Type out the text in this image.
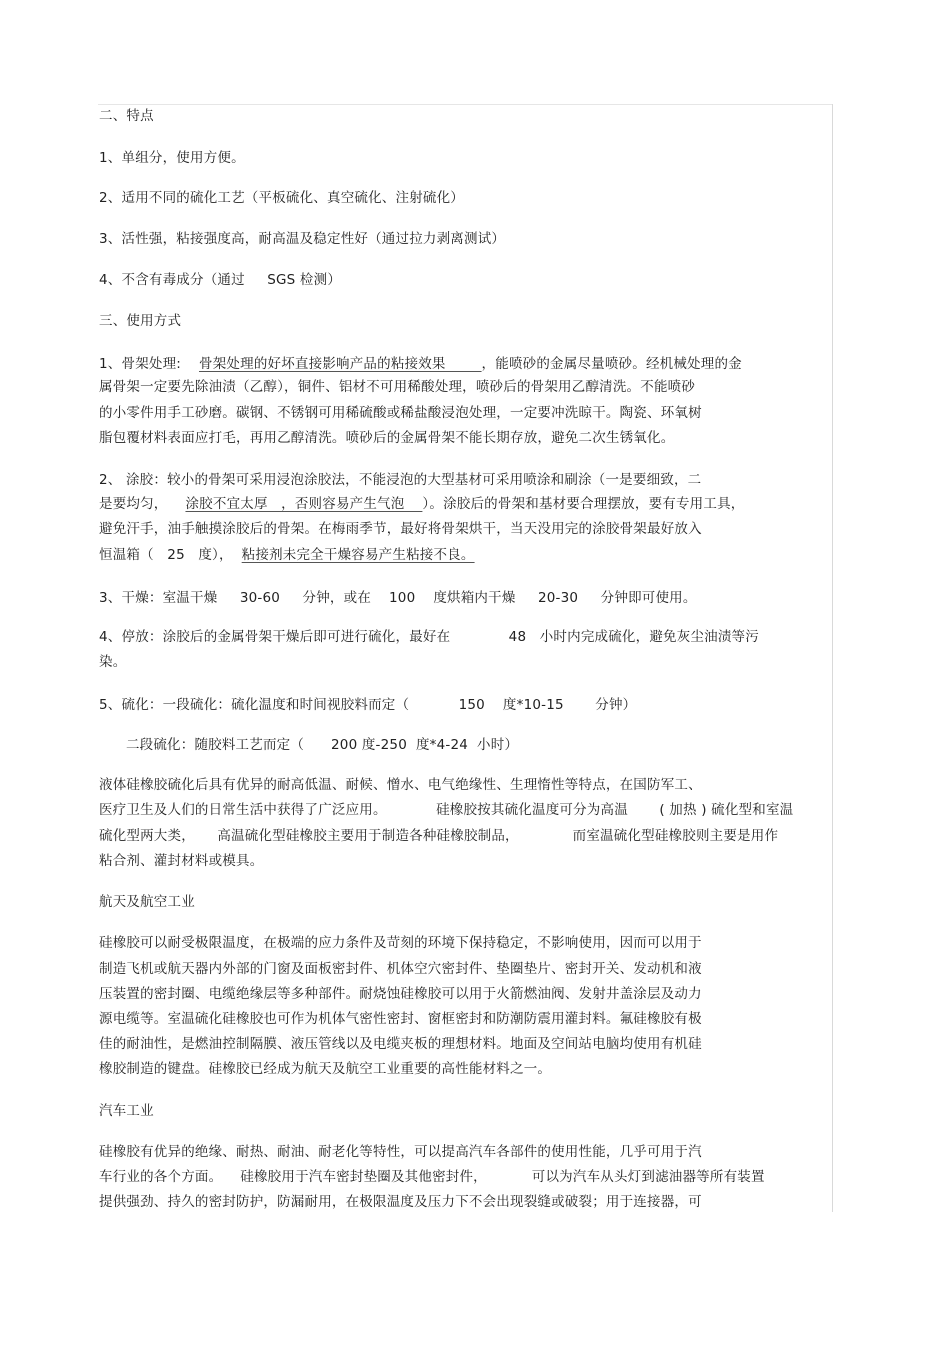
二、特点
1、单组分，使用方便。
2、适用不同的硫化工艺（平板硫化、真空硫化、注射硫化）
3、活性强，粘接强度高，耐高温及稳定性好（通过拉力剥离测试）
4、不含有毒成分（通过     SGS 检测）
三、使用方式
1、骨架处理:    骨架处理的好坏直接影响产品的粘接效果        ，能喷砂的金属尽量喷砂。经机械处理的金
属骨架一定要先除油渍（乙醇），铜件、铝材不可用稀酸处理，喷砂后的骨架用乙醇清洗。不能喷砂
的小零件用手工砂磨。碳钢、不锈钢可用稀硫酸或稀盐酸浸泡处理，一定要冲洗晾干。陶瓷、环氧树
脂包覆材料表面应打毛，再用乙醇清洗。喷砂后的金属骨架不能长期存放，避免二次生锈氧化。
2、 涂胶：较小的骨架可采用浸泡涂胶法，不能浸泡的大型基材可采用喷涂和刷涂（一是要细致，二
是要均匀，    涂胶不宜太厚   ，否则容易产生气泡    ）。涂胶后的骨架和基材要合理摆放，要有专用工具，
避免汗手，油手触摸涂胶后的骨架。在梅雨季节，最好将骨架烘干，当天没用完的涂胶骨架最好放入
恒温箱（   25   度），  粘接剂未完全干燥容易产生粘接不良。
3、干燥：室温干燥     30-60     分钟，或在    100    度烘箱内干燥     20-30     分钟即可使用。
4、停放：涂胶后的金属骨架干燥后即可进行硫化，最好在             48   小时内完成硫化，避免灰尘油渍等污
染。
5、硫化：一段硫化：硫化温度和时间视胶料而定（           150    度*10-15       分钟）
二段硫化：随胶料工艺而定（      200 度-250  度*4-24  小时）
液体硅橡胶硫化后具有优异的耐高低温、耐候、憎水、电气绝缘性、生理惰性等特点，在国防军工、
医疗卫生及人们的日常生活中获得了广泛应用。           硅橡胶按其硫化温度可分为高温       ( 加热 ) 硫化型和室温
硫化型两大类，     高温硫化型硅橡胶主要用于制造各种硅橡胶制品，            而室温硫化型硅橡胶则主要是用作
粘合剂、灌封材料或模具。
航天及航空工业
硅橡胶可以耐受极限温度，在极端的应力条件及苛刻的环境下保持稳定，不影响使用，因而可以用于
制造飞机或航天器内外部的门窗及面板密封件、机体空穴密封件、垫圈垫片、密封开关、发动机和液
压装置的密封圈、电缆绝缘层等多种部件。耐烧蚀硅橡胶可以用于火箭燃油阀、发射井盖涂层及动力
源电缆等。室温硫化硅橡胶也可作为机体气密性密封、窗框密封和防潮防震用灌封料。氟硅橡胶有极
佳的耐油性，是燃油控制隔膜、液压管线以及电缆夹板的理想材料。地面及空间站电脑均使用有机硅
橡胶制造的键盘。硅橡胶已经成为航天及航空工业重要的高性能材料之一。
汽车工业
硅橡胶有优异的绝缘、耐热、耐油、耐老化等特性，可以提高汽车各部件的使用性能，几乎可用于汽
车行业的各个方面。    硅橡胶用于汽车密封垫圈及其他密封件，          可以为汽车从头灯到滤油器等所有装置
提供强劲、持久的密封防护，防漏耐用，在极限温度及压力下不会出现裂缝或破裂；用于连接器，可
